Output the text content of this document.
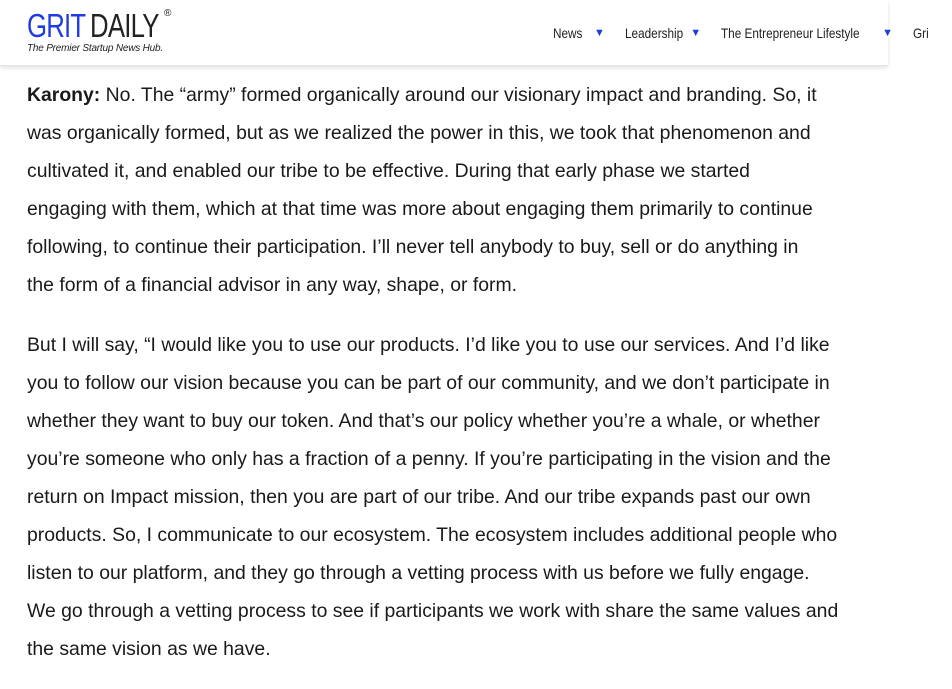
GRIT DAILY ®
The Premier Startup News Hub.
News ▼ Leadership ▼ The Entrepreneur Lifestyle ▼ Gri

Karony: No. The “army” formed organically around our visionary impact and branding. So, it
was organically formed, but as we realized the power in this, we took that phenomenon and
cultivated it, and enabled our tribe to be effective. During that early phase we started
engaging with them, which at that time was more about engaging them primarily to continue
following, to continue their participation. I’ll never tell anybody to buy, sell or do anything in
the form of a financial advisor in any way, shape, or form.

But I will say, “I would like you to use our products. I’d like you to use our services. And I’d like
you to follow our vision because you can be part of our community, and we don’t participate in
whether they want to buy our token. And that’s our policy whether you’re a whale, or whether
you’re someone who only has a fraction of a penny. If you’re participating in the vision and the
return on Impact mission, then you are part of our tribe. And our tribe expands past our own
products. So, I communicate to our ecosystem. The ecosystem includes additional people who
listen to our platform, and they go through a vetting process with us before we fully engage.
We go through a vetting process to see if participants we work with share the same values and
the same vision as we have.
